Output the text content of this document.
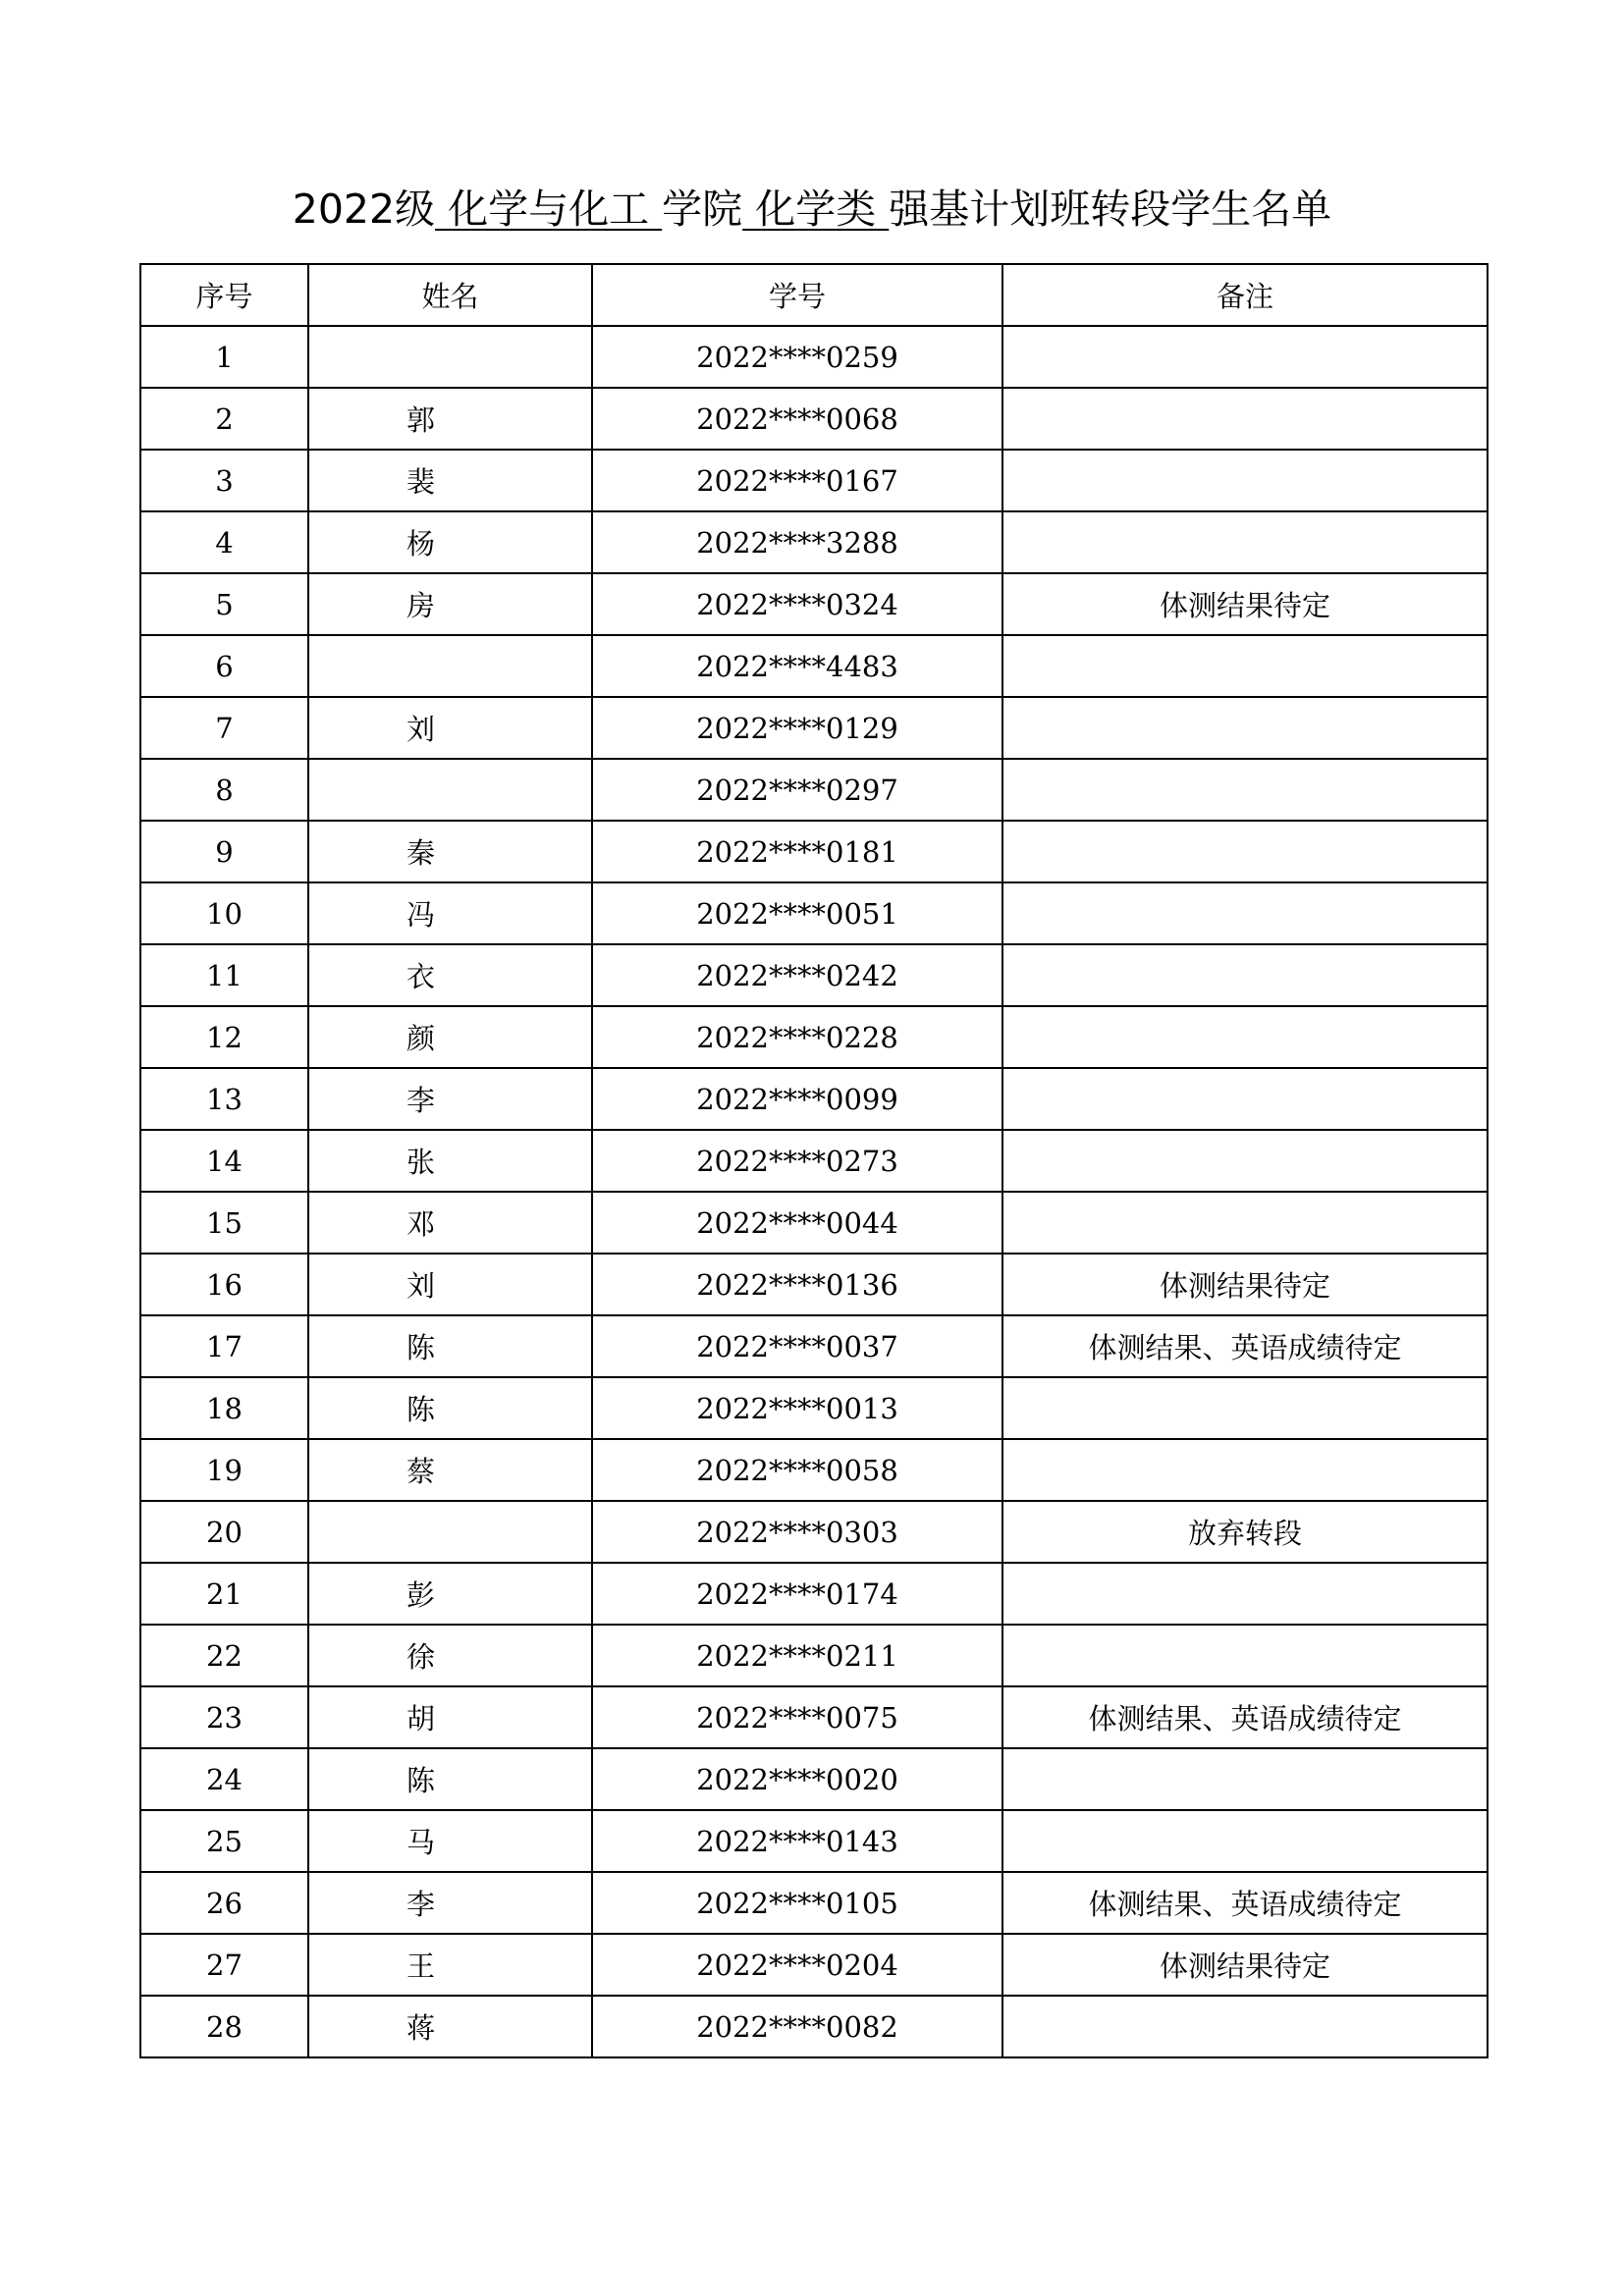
2022级 化学与化工 学院 化学类 强基计划班转段学生名单
序号	姓名	学号	备注
1		2022****0259	
2	郭	2022****0068	
3	裴	2022****0167	
4	杨	2022****3288	
5	房	2022****0324	体测结果待定
6		2022****4483	
7	刘	2022****0129	
8		2022****0297	
9	秦	2022****0181	
10	冯	2022****0051	
11	衣	2022****0242	
12	颜	2022****0228	
13	李	2022****0099	
14	张	2022****0273	
15	邓	2022****0044	
16	刘	2022****0136	体测结果待定
17	陈	2022****0037	体测结果、英语成绩待定
18	陈	2022****0013	
19	蔡	2022****0058	
20		2022****0303	放弃转段
21	彭	2022****0174	
22	徐	2022****0211	
23	胡	2022****0075	体测结果、英语成绩待定
24	陈	2022****0020	
25	马	2022****0143	
26	李	2022****0105	体测结果、英语成绩待定
27	王	2022****0204	体测结果待定
28	蒋	2022****0082	
